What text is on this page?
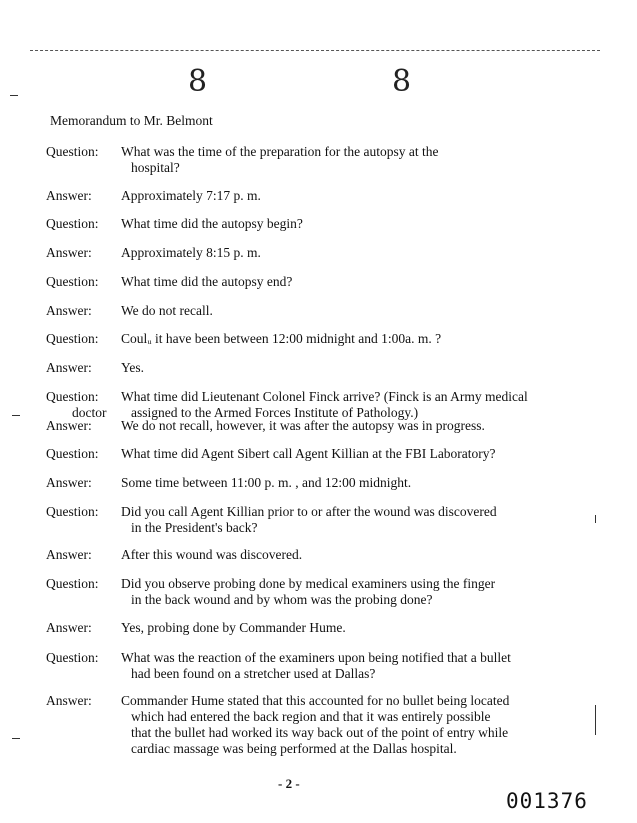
8	8
Memorandum to Mr. Belmont
Question: What was the time of the preparation for the autopsy at the
hospital?
Answer: Approximately 7:17 p. m.
Question: What time did the autopsy begin?
Answer: Approximately 8:15 p. m.
Question: What time did the autopsy end?
Answer: We do not recall.
Question: Coulᵤ it have been between 12:00 midnight and 1:00a. m. ?
Answer: Yes.
Question:
doctor
What time did Lieutenant Colonel Finck arrive? (Finck is an Army medical
assigned to the Armed Forces Institute of Pathology.)
Answer: We do not recall, however, it was after the autopsy was in progress.
Question: What time did Agent Sibert call Agent Killian at the FBI Laboratory?
Answer: Some time between 11:00 p. m. , and 12:00 midnight.
Question: Did you call Agent Killian prior to or after the wound was discovered
in the President's back?
Answer: After this wound was discovered.
Question: Did you observe probing done by medical examiners using the finger
in the back wound and by whom was the probing done?
Answer: Yes, probing done by Commander Hume.
Question: What was the reaction of the examiners upon being notified that a bullet
had been found on a stretcher used at Dallas?
Answer: Commander Hume stated that this accounted for no bullet being located
which had entered the back region and that it was entirely possible
that the bullet had worked its way back out of the point of entry while
cardiac massage was being performed at the Dallas hospital.
- 2 -
001376
